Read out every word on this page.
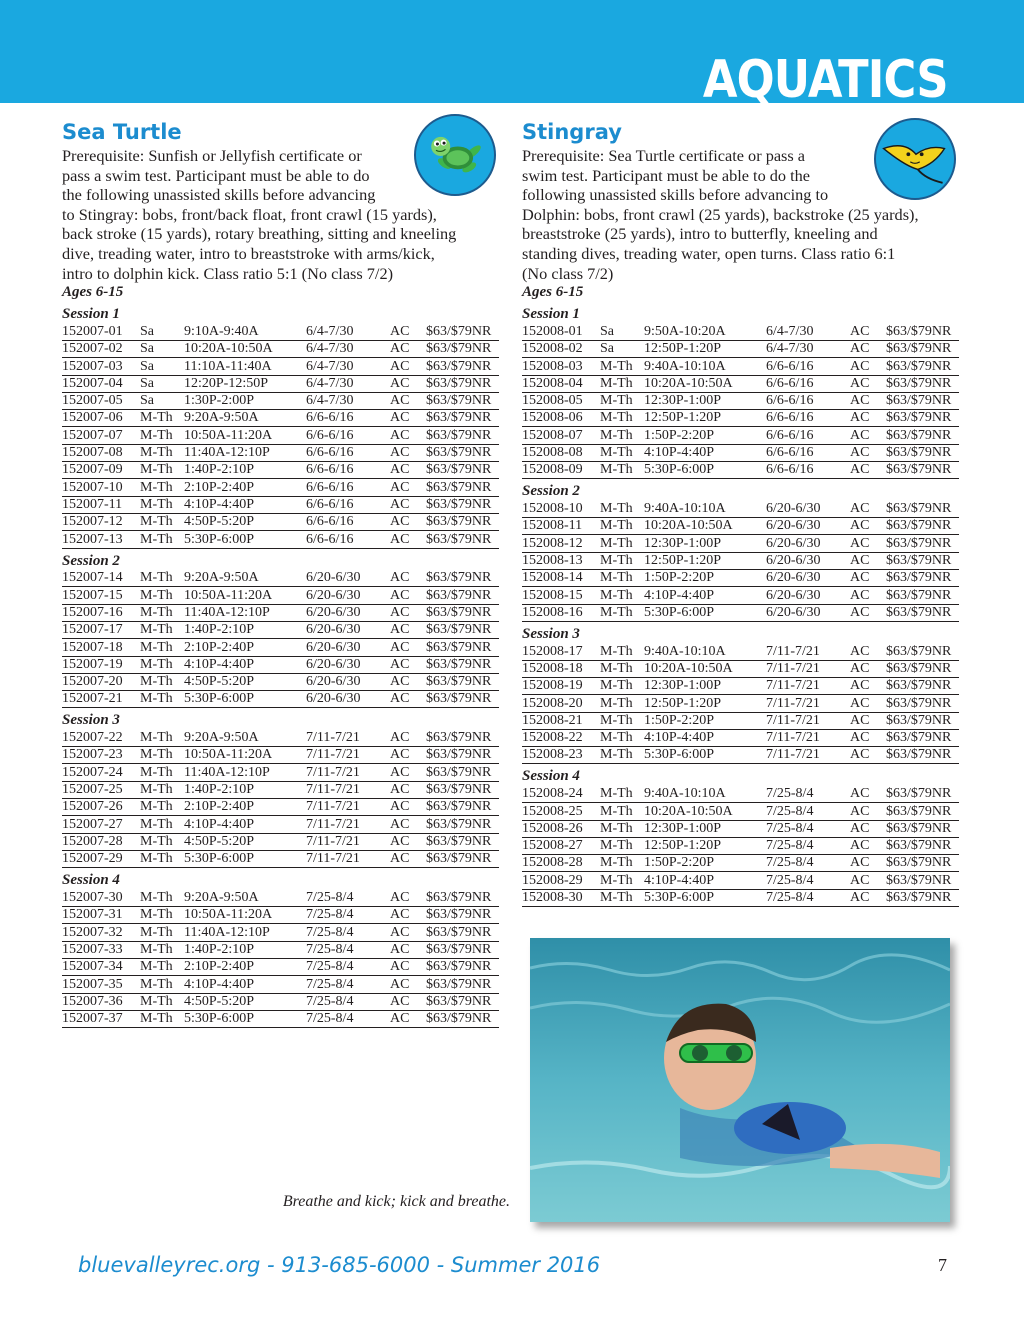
AQUATICS
Sea Turtle
Prerequisite: Sunfish or Jellyfish certificate or
pass a swim test. Participant must be able to do
the following unassisted skills before advancing
to Stingray: bobs, front/back float, front crawl (15 yards),
back stroke (15 yards), rotary breathing, sitting and kneeling
dive, treading water, intro to breaststroke with arms/kick,
intro to dolphin kick. Class ratio 5:1 (No class 7/2)
Ages 6-15
Session 1
152007-01	Sa	9:10A-9:40A	6/4-7/30	AC	$63/$79NR
152007-02	Sa	10:20A-10:50A	6/4-7/30	AC	$63/$79NR
152007-03	Sa	11:10A-11:40A	6/4-7/30	AC	$63/$79NR
152007-04	Sa	12:20P-12:50P	6/4-7/30	AC	$63/$79NR
152007-05	Sa	1:30P-2:00P	6/4-7/30	AC	$63/$79NR
152007-06	M-Th	9:20A-9:50A	6/6-6/16	AC	$63/$79NR
152007-07	M-Th	10:50A-11:20A	6/6-6/16	AC	$63/$79NR
152007-08	M-Th	11:40A-12:10P	6/6-6/16	AC	$63/$79NR
152007-09	M-Th	1:40P-2:10P	6/6-6/16	AC	$63/$79NR
152007-10	M-Th	2:10P-2:40P	6/6-6/16	AC	$63/$79NR
152007-11	M-Th	4:10P-4:40P	6/6-6/16	AC	$63/$79NR
152007-12	M-Th	4:50P-5:20P	6/6-6/16	AC	$63/$79NR
152007-13	M-Th	5:30P-6:00P	6/6-6/16	AC	$63/$79NR
Session 2
152007-14	M-Th	9:20A-9:50A	6/20-6/30	AC	$63/$79NR
152007-15	M-Th	10:50A-11:20A	6/20-6/30	AC	$63/$79NR
152007-16	M-Th	11:40A-12:10P	6/20-6/30	AC	$63/$79NR
152007-17	M-Th	1:40P-2:10P	6/20-6/30	AC	$63/$79NR
152007-18	M-Th	2:10P-2:40P	6/20-6/30	AC	$63/$79NR
152007-19	M-Th	4:10P-4:40P	6/20-6/30	AC	$63/$79NR
152007-20	M-Th	4:50P-5:20P	6/20-6/30	AC	$63/$79NR
152007-21	M-Th	5:30P-6:00P	6/20-6/30	AC	$63/$79NR
Session 3
152007-22	M-Th	9:20A-9:50A	7/11-7/21	AC	$63/$79NR
152007-23	M-Th	10:50A-11:20A	7/11-7/21	AC	$63/$79NR
152007-24	M-Th	11:40A-12:10P	7/11-7/21	AC	$63/$79NR
152007-25	M-Th	1:40P-2:10P	7/11-7/21	AC	$63/$79NR
152007-26	M-Th	2:10P-2:40P	7/11-7/21	AC	$63/$79NR
152007-27	M-Th	4:10P-4:40P	7/11-7/21	AC	$63/$79NR
152007-28	M-Th	4:50P-5:20P	7/11-7/21	AC	$63/$79NR
152007-29	M-Th	5:30P-6:00P	7/11-7/21	AC	$63/$79NR
Session 4
152007-30	M-Th	9:20A-9:50A	7/25-8/4	AC	$63/$79NR
152007-31	M-Th	10:50A-11:20A	7/25-8/4	AC	$63/$79NR
152007-32	M-Th	11:40A-12:10P	7/25-8/4	AC	$63/$79NR
152007-33	M-Th	1:40P-2:10P	7/25-8/4	AC	$63/$79NR
152007-34	M-Th	2:10P-2:40P	7/25-8/4	AC	$63/$79NR
152007-35	M-Th	4:10P-4:40P	7/25-8/4	AC	$63/$79NR
152007-36	M-Th	4:50P-5:20P	7/25-8/4	AC	$63/$79NR
152007-37	M-Th	5:30P-6:00P	7/25-8/4	AC	$63/$79NR
Stingray
Prerequisite: Sea Turtle certificate or pass a
swim test. Participant must be able to do the
following unassisted skills before advancing to
Dolphin: bobs, front crawl (25 yards), backstroke (25 yards),
breaststroke (25 yards), intro to butterfly, kneeling and
standing dives, treading water, open turns. Class ratio 6:1
(No class 7/2)
Ages 6-15
Session 1
152008-01	Sa	9:50A-10:20A	6/4-7/30	AC	$63/$79NR
152008-02	Sa	12:50P-1:20P	6/4-7/30	AC	$63/$79NR
152008-03	M-Th	9:40A-10:10A	6/6-6/16	AC	$63/$79NR
152008-04	M-Th	10:20A-10:50A	6/6-6/16	AC	$63/$79NR
152008-05	M-Th	12:30P-1:00P	6/6-6/16	AC	$63/$79NR
152008-06	M-Th	12:50P-1:20P	6/6-6/16	AC	$63/$79NR
152008-07	M-Th	1:50P-2:20P	6/6-6/16	AC	$63/$79NR
152008-08	M-Th	4:10P-4:40P	6/6-6/16	AC	$63/$79NR
152008-09	M-Th	5:30P-6:00P	6/6-6/16	AC	$63/$79NR
Session 2
152008-10	M-Th	9:40A-10:10A	6/20-6/30	AC	$63/$79NR
152008-11	M-Th	10:20A-10:50A	6/20-6/30	AC	$63/$79NR
152008-12	M-Th	12:30P-1:00P	6/20-6/30	AC	$63/$79NR
152008-13	M-Th	12:50P-1:20P	6/20-6/30	AC	$63/$79NR
152008-14	M-Th	1:50P-2:20P	6/20-6/30	AC	$63/$79NR
152008-15	M-Th	4:10P-4:40P	6/20-6/30	AC	$63/$79NR
152008-16	M-Th	5:30P-6:00P	6/20-6/30	AC	$63/$79NR
Session 3
152008-17	M-Th	9:40A-10:10A	7/11-7/21	AC	$63/$79NR
152008-18	M-Th	10:20A-10:50A	7/11-7/21	AC	$63/$79NR
152008-19	M-Th	12:30P-1:00P	7/11-7/21	AC	$63/$79NR
152008-20	M-Th	12:50P-1:20P	7/11-7/21	AC	$63/$79NR
152008-21	M-Th	1:50P-2:20P	7/11-7/21	AC	$63/$79NR
152008-22	M-Th	4:10P-4:40P	7/11-7/21	AC	$63/$79NR
152008-23	M-Th	5:30P-6:00P	7/11-7/21	AC	$63/$79NR
Session 4
152008-24	M-Th	9:40A-10:10A	7/25-8/4	AC	$63/$79NR
152008-25	M-Th	10:20A-10:50A	7/25-8/4	AC	$63/$79NR
152008-26	M-Th	12:30P-1:00P	7/25-8/4	AC	$63/$79NR
152008-27	M-Th	12:50P-1:20P	7/25-8/4	AC	$63/$79NR
152008-28	M-Th	1:50P-2:20P	7/25-8/4	AC	$63/$79NR
152008-29	M-Th	4:10P-4:40P	7/25-8/4	AC	$63/$79NR
152008-30	M-Th	5:30P-6:00P	7/25-8/4	AC	$63/$79NR
Breathe and kick; kick and breathe.
bluevalleyrec.org - 913-685-6000 - Summer 2016	7
